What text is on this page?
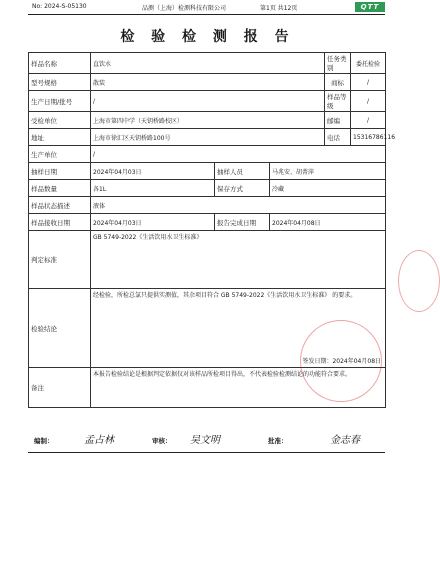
No: 2024-S-05130	品测（上海）检测科技有限公司	第1页 共12页	QTT
检 验 检 测 报 告
样品名称	直饮水			任务类别	委托检验
型号规格	散装			商标	/
生产日期/批号	/			样品等级	/
受检单位	上海市第四中学（天钥桥路校区）			邮编	/
地址	上海市徐汇区天钥桥路100号			电话	15316786116
生产单位	/				
抽样日期	2024年04月03日	抽样人员	马兆安、胡菁萍		
样品数量	各1L	保存方式	冷藏		
样品状态描述	液体				
样品接收日期	2024年04月03日	报告完成日期	2024年04月08日		
判定标准	GB 5749-2022《生活饮用水卫生标准》				
检验结论	经检验，所检总氯只提供实测值，其余项目符合 GB 5749-2022《生活饮用水卫生标准》 的要求。
签发日期：2024年04月08日				

备注	本报告检验结论是根据判定依据仅对该样品所检项目得出，不代表检验检测结论的功能符合要求。				
编制：	孟占林	审核： 吴文明	批准：	金志春
